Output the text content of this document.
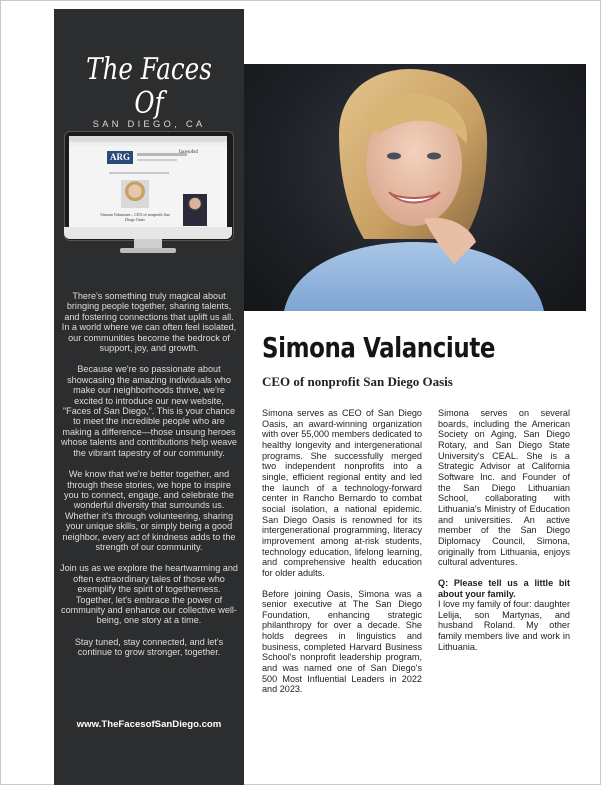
The Faces Of
SAN DIEGO, CA
ARG	facesofsd
Simona Valanciute – CEO of nonprofit San Diego Oasis

There's something truly magical about bringing people together, sharing talents, and fostering connections that uplift us all. In a world where we can often feel isolated, our communities become the bedrock of support, joy, and growth.

Because we're so passionate about showcasing the amazing individuals who make our neighborhoods thrive, we're excited to introduce our new website, "Faces of San Diego,". This is your chance to meet the incredible people who are making a difference—those unsung heroes whose talents and contributions help weave the vibrant tapestry of our community.

We know that we're better together, and through these stories, we hope to inspire you to connect, engage, and celebrate the wonderful diversity that surrounds us. Whether it's through volunteering, sharing your unique skills, or simply being a good neighbor, every act of kindness adds to the strength of our community.

Join us as we explore the heartwarming and often extraordinary tales of those who exemplify the spirit of togetherness. Together, let's embrace the power of community and enhance our collective well-being, one story at a time.

Stay tuned, stay connected, and let's continue to grow stronger, together.

www.TheFacesofSanDiego.com
Simona Valanciute
CEO of nonprofit San Diego Oasis

Simona serves as CEO of San Diego Oasis, an award-winning organization with over 55,000 members dedicated to healthy longevity and intergenerational programs. She successfully merged two independent nonprofits into a single, efficient regional entity and led the launch of a technology-forward center in Rancho Bernardo to combat social isolation, a national epidemic. San Diego Oasis is renowned for its intergenerational programming, literacy improvement among at-risk students, technology education, lifelong learning, and comprehensive health education for older adults.

Before joining Oasis, Simona was a senior executive at The San Diego Foundation, enhancing strategic philanthropy for over a decade. She holds degrees in linguistics and business, completed Harvard Business School's nonprofit leadership program, and was named one of San Diego's 500 Most Influential Leaders in 2022 and 2023.

Simona serves on several boards, including the American Society on Aging, San Diego Rotary, and San Diego State University's CEAL. She is a Strategic Advisor at California Software Inc. and Founder of the San Diego Lithuanian School, collaborating with Lithuania's Ministry of Education and universities. An active member of the San Diego Diplomacy Council, Simona, originally from Lithuania, enjoys cultural adventures.

Q: Please tell us a little bit about your family.
I love my family of four: daughter Lelija, son Martynas, and husband Roland. My other family members live and work in Lithuania.
